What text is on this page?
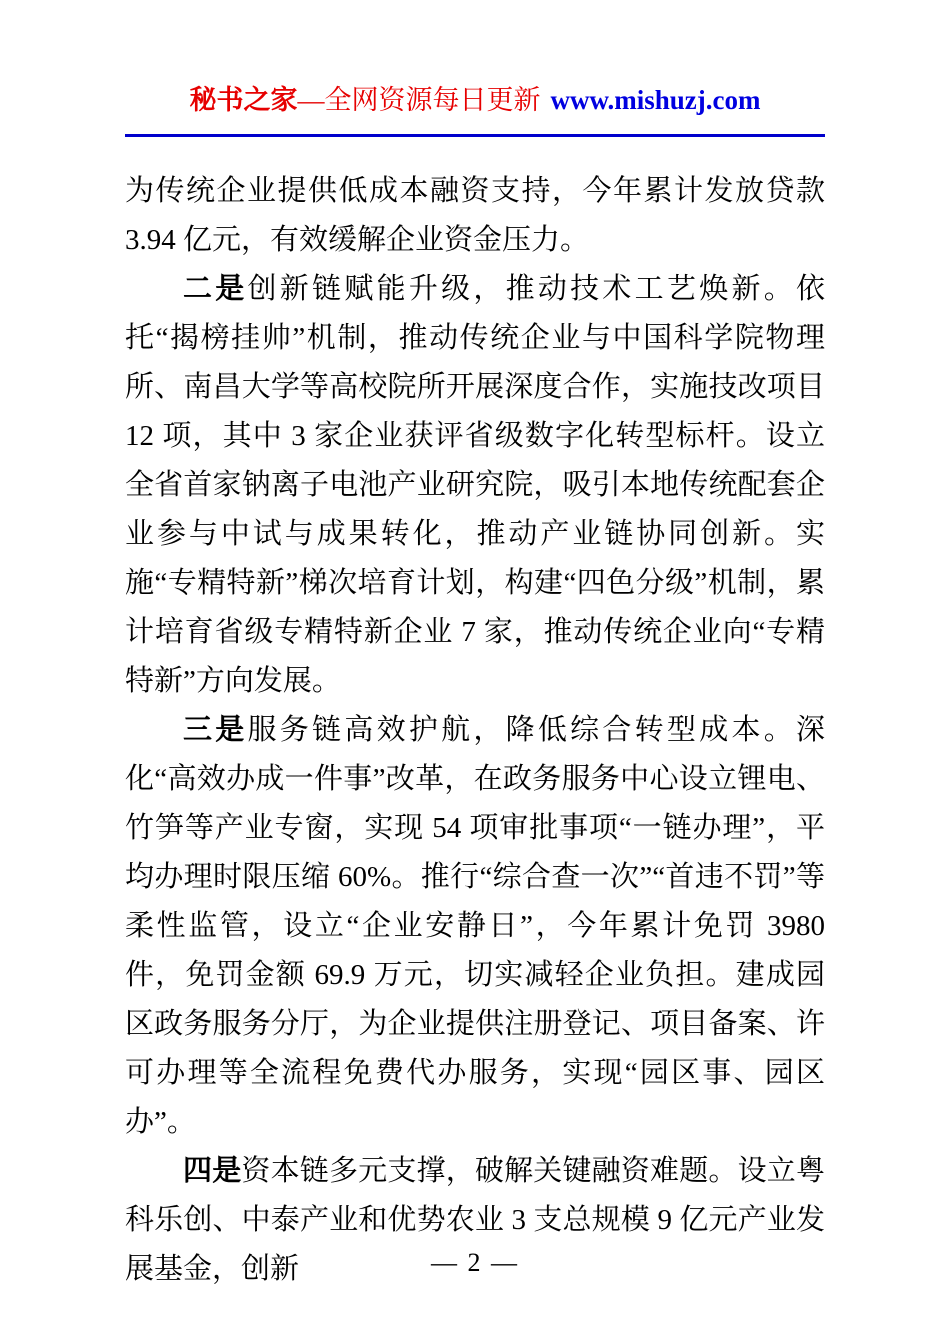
秘书之家—全网资源每日更新 www.mishuzj.com

为传统企业提供低成本融资支持，今年累计发放贷款 3.94 亿元，有效缓解企业资金压力。

二是创新链赋能升级，推动技术工艺焕新。依托“揭榜挂帅”机制，推动传统企业与中国科学院物理所、南昌大学等高校院所开展深度合作，实施技改项目 12 项，其中 3 家企业获评省级数字化转型标杆。设立全省首家钠离子电池产业研究院，吸引本地传统配套企业参与中试与成果转化，推动产业链协同创新。实施“专精特新”梯次培育计划，构建“四色分级”机制，累计培育省级专精特新企业 7 家，推动传统企业向“专精特新”方向发展。

三是服务链高效护航，降低综合转型成本。深化“高效办成一件事”改革，在政务服务中心设立锂电、竹笋等产业专窗，实现 54 项审批事项“一链办理”，平均办理时限压缩 60%。推行“综合查一次”“首违不罚”等柔性监管，设立“企业安静日”，今年累计免罚 3980 件，免罚金额 69.9 万元，切实减轻企业负担。建成园区政务服务分厅，为企业提供注册登记、项目备案、许可办理等全流程免费代办服务，实现“园区事、园区办”。

四是资本链多元支撑，破解关键融资难题。设立粤科乐创、中泰产业和优势农业 3 支总规模 9 亿元产业发展基金，创新	— 2 —
